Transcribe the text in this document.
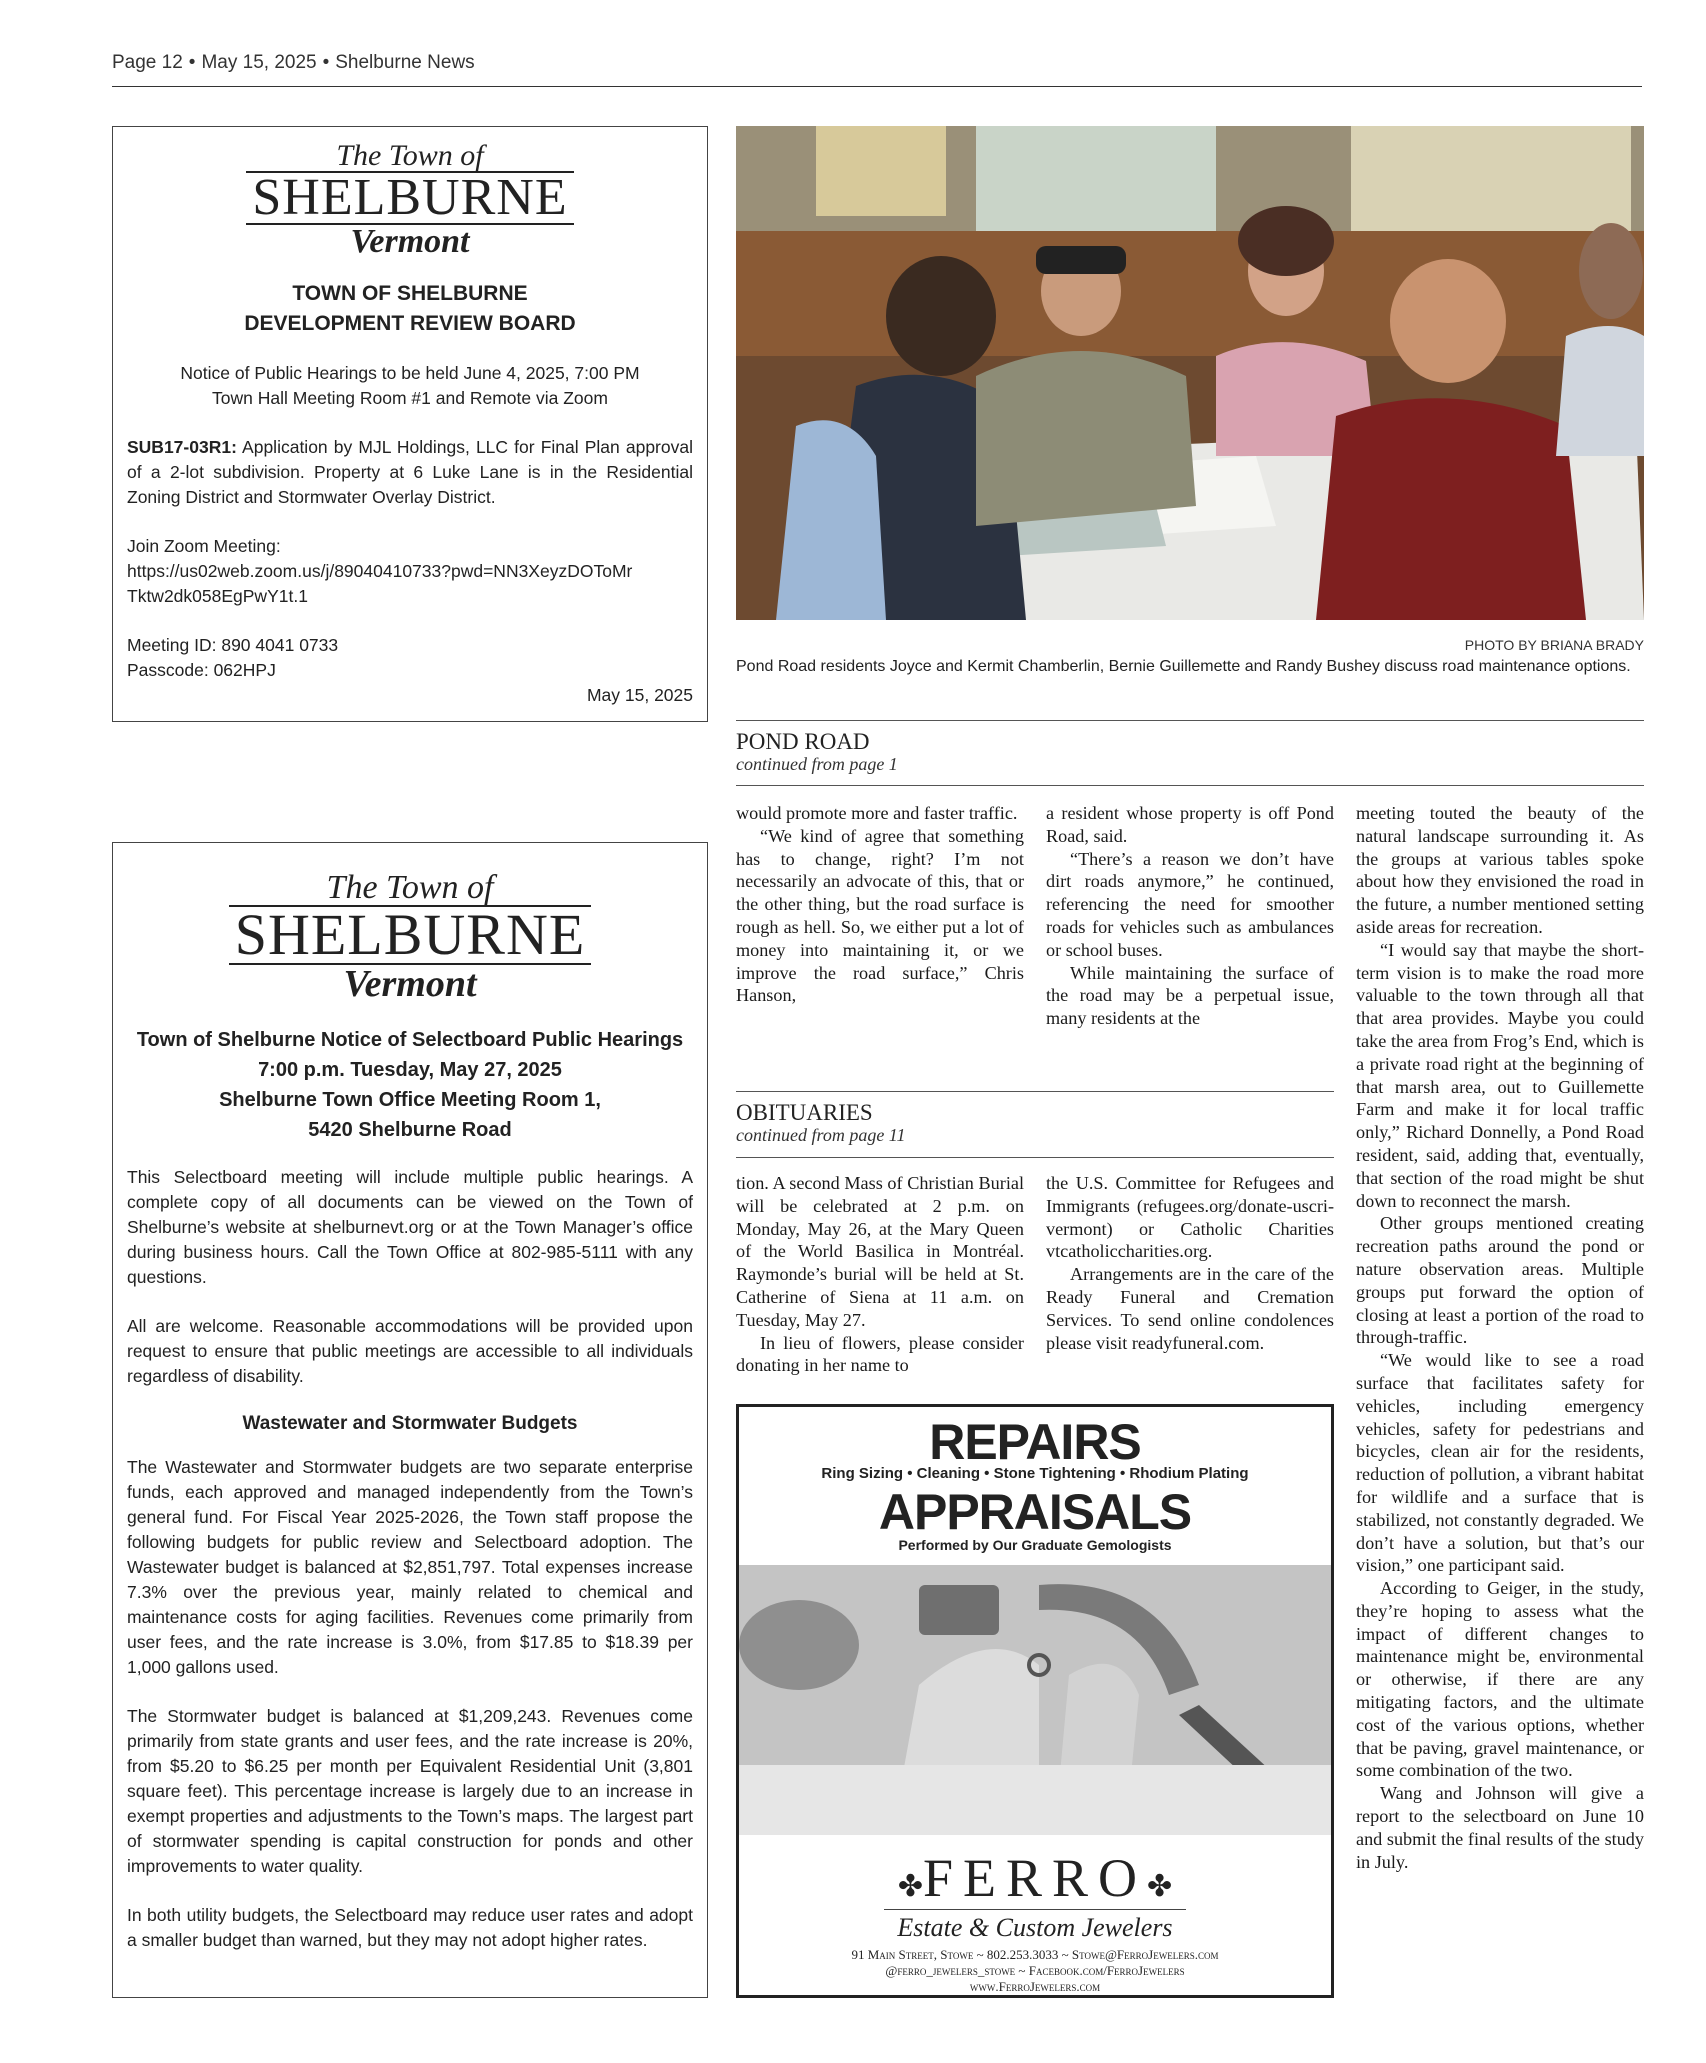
Page 12 • May 15, 2025 • Shelburne News
The Town of
SHELBURNE
Vermont
TOWN OF SHELBURNE
DEVELOPMENT REVIEW BOARD
Notice of Public Hearings to be held June 4, 2025, 7:00 PM
Town Hall Meeting Room #1 and Remote via Zoom
SUB17-03R1: Application by MJL Holdings, LLC for Final Plan approval of a 2-lot subdivision. Property at 6 Luke Lane is in the Residential Zoning District and Stormwater Overlay District.
Join Zoom Meeting:
https://us02web.zoom.us/j/89040410733?pwd=NN3XeyzDOToMr
Tktw2dk058EgPwY1t.1
Meeting ID: 890 4041 0733
Passcode: 062HPJ
May 15, 2025
PHOTO BY BRIANA BRADY
Pond Road residents Joyce and Kermit Chamberlin, Bernie Guillemette and Randy Bushey discuss road maintenance options.
POND ROAD
continued from page 1

would promote more and faster traffic.

“We kind of agree that something has to change, right? I’m not necessarily an advocate of this, that or the other thing, but the road surface is rough as hell. So, we either put a lot of money into maintaining it, or we improve the road surface,” Chris Hanson,

a resident whose property is off Pond Road, said.

“There’s a reason we don’t have dirt roads anymore,” he continued, referencing the need for smoother roads for vehicles such as ambulances or school buses.

While maintaining the surface of the road may be a perpetual issue, many residents at the

meeting touted the beauty of the natural landscape surrounding it. As the groups at various tables spoke about how they envisioned the road in the future, a number mentioned setting aside areas for recreation.

“I would say that maybe the short-term vision is to make the road more valuable to the town through all that that area provides. Maybe you could take the area from Frog’s End, which is a private road right at the beginning of that marsh area, out to Guillemette Farm and make it for local traffic only,” Richard Donnelly, a Pond Road resident, said, adding that, eventually, that section of the road might be shut down to reconnect the marsh.

Other groups mentioned creating recreation paths around the pond or nature observation areas. Multiple groups put forward the option of closing at least a portion of the road to through-traffic.

“We would like to see a road surface that facilitates safety for vehicles, including emergency vehicles, safety for pedestrians and bicycles, clean air for the residents, reduction of pollution, a vibrant habitat for wildlife and a surface that is stabilized, not constantly degraded. We don’t have a solution, but that’s our vision,” one participant said.

According to Geiger, in the study, they’re hoping to assess what the impact of different changes to maintenance might be, environmental or otherwise, if there are any mitigating factors, and the ultimate cost of the various options, whether that be paving, gravel maintenance, or some combination of the two.

Wang and Johnson will give a report to the selectboard on June 10 and submit the final results of the study in July.

OBITUARIES
continued from page 11

tion. A second Mass of Christian Burial will be celebrated at 2 p.m. on Monday, May 26, at the Mary Queen of the World Basilica in Montréal. Raymonde’s burial will be held at St. Catherine of Siena at 11 a.m. on Tuesday, May 27.

In lieu of flowers, please consider donating in her name to

the U.S. Committee for Refugees and Immigrants (refugees.org/donate-uscri-vermont) or Catholic Charities vtcatholiccharities.org.

Arrangements are in the care of the Ready Funeral and Cremation Services. To send online condolences please visit readyfuneral.com.

The Town of
SHELBURNE
Vermont
Town of Shelburne Notice of Selectboard Public Hearings
7:00 p.m. Tuesday, May 27, 2025
Shelburne Town Office Meeting Room 1,
5420 Shelburne Road
This Selectboard meeting will include multiple public hearings. A complete copy of all documents can be viewed on the Town of Shelburne’s website at shelburnevt.org or at the Town Manager’s office during business hours. Call the Town Office at 802-985-5111 with any questions.
All are welcome. Reasonable accommodations will be provided upon request to ensure that public meetings are accessible to all individuals regardless of disability.
Wastewater and Stormwater Budgets
The Wastewater and Stormwater budgets are two separate enterprise funds, each approved and managed independently from the Town’s general fund. For Fiscal Year 2025-2026, the Town staff propose the following budgets for public review and Selectboard adoption. The Wastewater budget is balanced at $2,851,797. Total expenses increase 7.3% over the previous year, mainly related to chemical and maintenance costs for aging facilities. Revenues come primarily from user fees, and the rate increase is 3.0%, from $17.85 to $18.39 per 1,000 gallons used.
The Stormwater budget is balanced at $1,209,243. Revenues come primarily from state grants and user fees, and the rate increase is 20%, from $5.20 to $6.25 per month per Equivalent Residential Unit (3,801 square feet). This percentage increase is largely due to an increase in exempt properties and adjustments to the Town’s maps. The largest part of stormwater spending is capital construction for ponds and other improvements to water quality.
In both utility budgets, the Selectboard may reduce user rates and adopt a smaller budget than warned, but they may not adopt higher rates.
REPAIRS
Ring Sizing • Cleaning • Stone Tightening • Rhodium Plating
APPRAISALS
Performed by Our Graduate Gemologists
✤FERRO✤
Estate & Custom Jewelers
91 Main Street, Stowe ~ 802.253.3033 ~ Stowe@FerroJewelers.com
@ferro_jewelers_stowe ~ Facebook.com/FerroJewelers
www.FerroJewelers.com
